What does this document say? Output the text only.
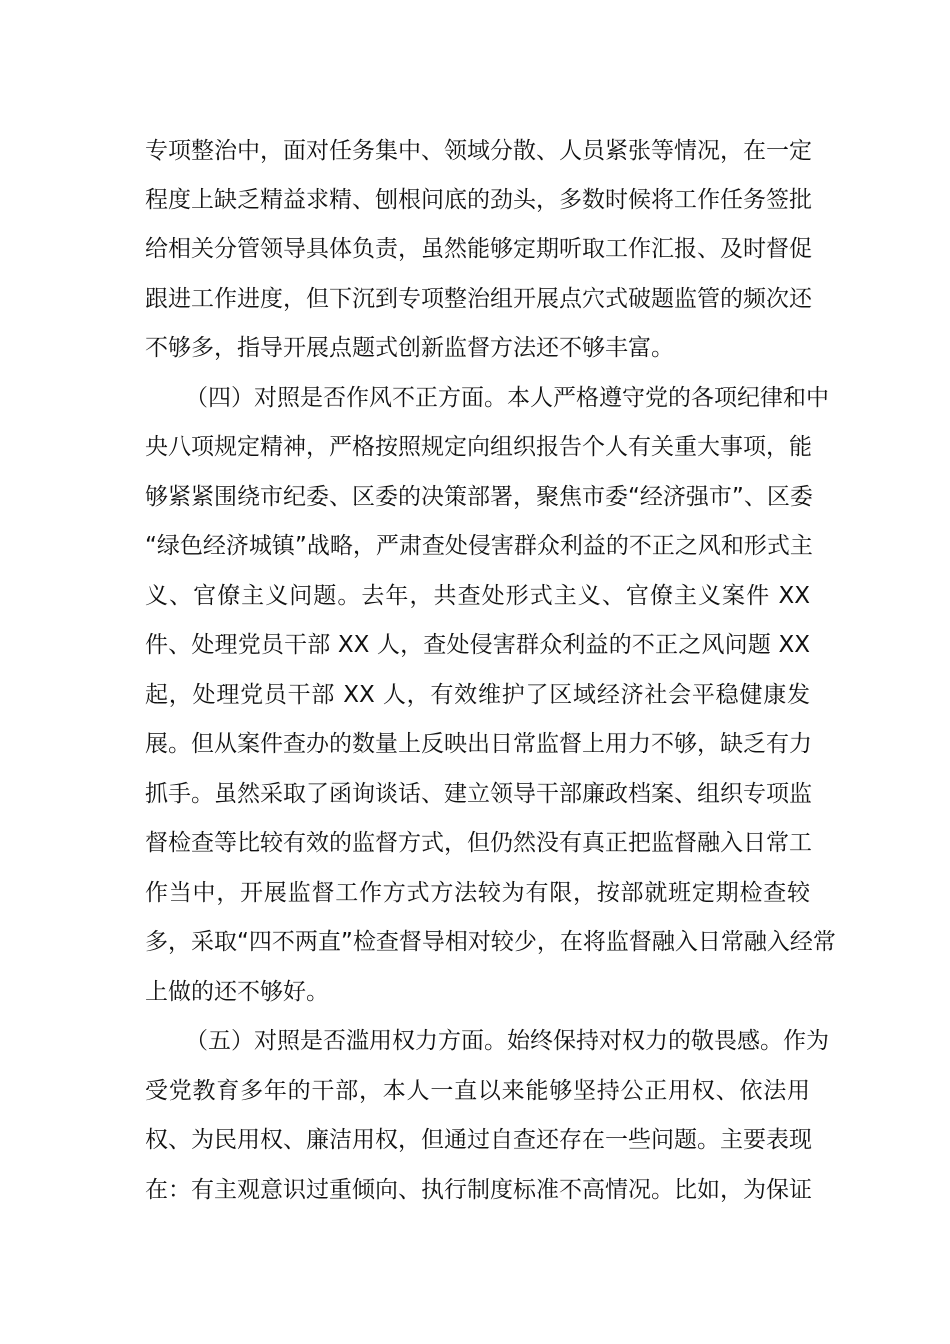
专项整治中，面对任务集中、领域分散、人员紧张等情况，在一定
程度上缺乏精益求精、刨根问底的劲头，多数时候将工作任务签批
给相关分管领导具体负责，虽然能够定期听取工作汇报、及时督促
跟进工作进度，但下沉到专项整治组开展点穴式破题监管的频次还
不够多，指导开展点题式创新监督方法还不够丰富。
（四）对照是否作风不正方面。本人严格遵守党的各项纪律和中
央八项规定精神，严格按照规定向组织报告个人有关重大事项，能
够紧紧围绕市纪委、区委的决策部署，聚焦市委“经济强市”、区委
“绿色经济城镇”战略，严肃查处侵害群众利益的不正之风和形式主
义、官僚主义问题。去年，共查处形式主义、官僚主义案件 XX
件、处理党员干部 XX 人，查处侵害群众利益的不正之风问题 XX
起，处理党员干部 XX 人，有效维护了区域经济社会平稳健康发
展。但从案件查办的数量上反映出日常监督上用力不够，缺乏有力
抓手。虽然采取了函询谈话、建立领导干部廉政档案、组织专项监
督检查等比较有效的监督方式，但仍然没有真正把监督融入日常工
作当中，开展监督工作方式方法较为有限，按部就班定期检查较
多，采取“四不两直”检查督导相对较少，在将监督融入日常融入经常
上做的还不够好。
（五）对照是否滥用权力方面。始终保持对权力的敬畏感。作为
受党教育多年的干部，本人一直以来能够坚持公正用权、依法用
权、为民用权、廉洁用权，但通过自查还存在一些问题。主要表现
在：有主观意识过重倾向、执行制度标准不高情况。比如，为保证
